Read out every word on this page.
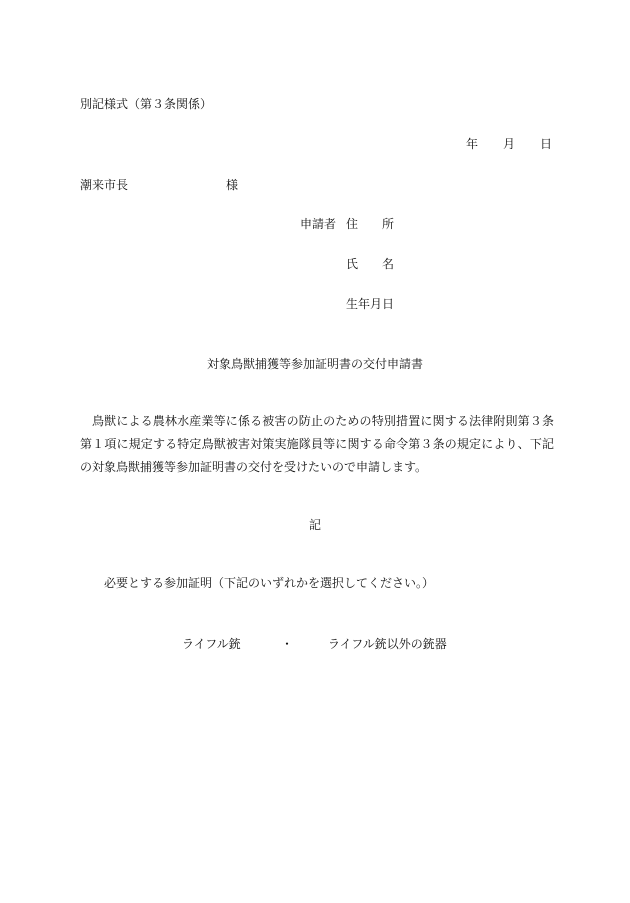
別記様式（第３条関係）
年 月 日
潮来市長	様
申請者 住　　所
氏　　名
生年月日
対象鳥獣捕獲等参加証明書の交付申請書
鳥獣による農林水産業等に係る被害の防止のための特別措置に関する法律附則第３条第１項に規定する特定鳥獣被害対策実施隊員等に関する命令第３条の規定により、下記の対象鳥獣捕獲等参加証明書の交付を受けたいので申請します。
記
必要とする参加証明（下記のいずれかを選択してください。）
ライフル銃	・	ライフル銃以外の銃器
